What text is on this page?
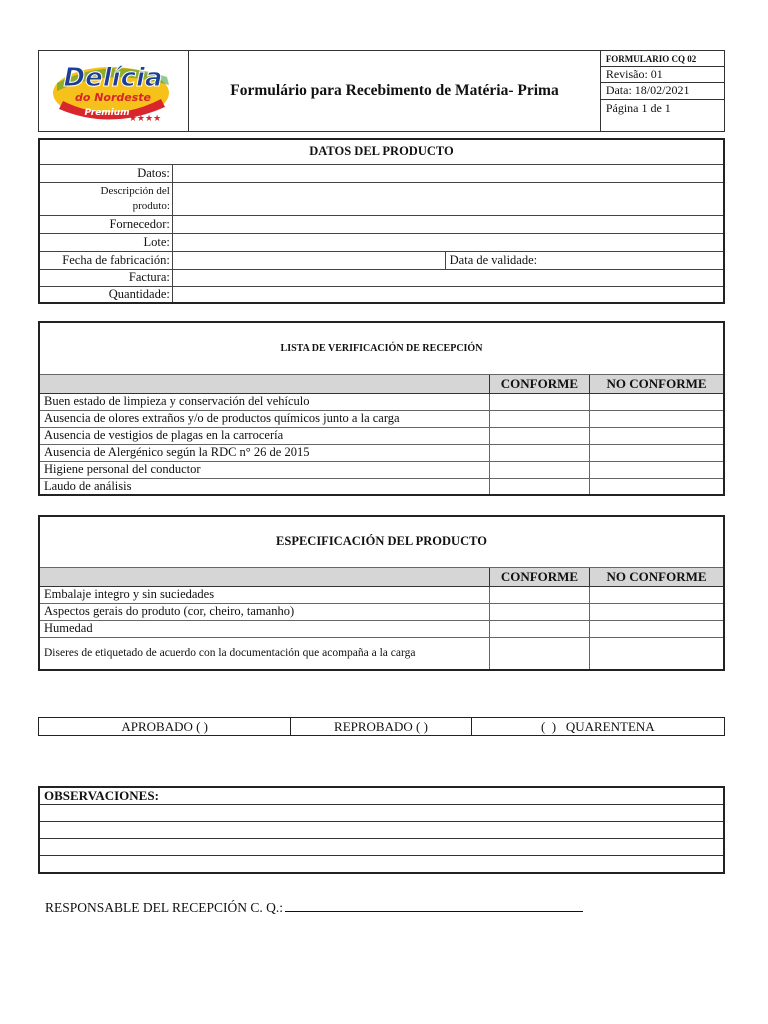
Delícia
do Nordeste
Premium
★★★★
	Formulário para Recebimento de Matéria- Prima	FORMULARIO CQ 02
Revisão: 01
Data: 18/02/2021
Página 1 de 1
DATOS DEL PRODUCTO		
Datos:		
Descripción del
produto:		
Fornecedor:		
Lote:		
Fecha de fabricación:		Data de validade:
Factura:		
Quantidade:		
LISTA DE VERIFICACIÓN DE RECEPCIÓN		
	CONFORME	NO CONFORME
Buen estado de limpieza y conservación del vehículo		
Ausencia de olores extraños y/o de productos químicos junto a la carga		
Ausencia de vestigios de plagas en la carrocería		
Ausencia de Alergénico según la RDC n° 26 de 2015		
Higiene personal del conductor		
Laudo de análisis		
ESPECIFICACIÓN DEL PRODUCTO		
	CONFORME	NO CONFORME
Embalaje integro y sin suciedades		
Aspectos gerais do produto (cor, cheiro, tamanho)		
Humedad		
Diseres de etiquetado de acuerdo con la documentación que acompaña a la carga		
APROBADO ( )	REPROBADO ( )	(  )   QUARENTENA
OBSERVACIONES:

RESPONSABLE DEL RECEPCIÓN C. Q.:
